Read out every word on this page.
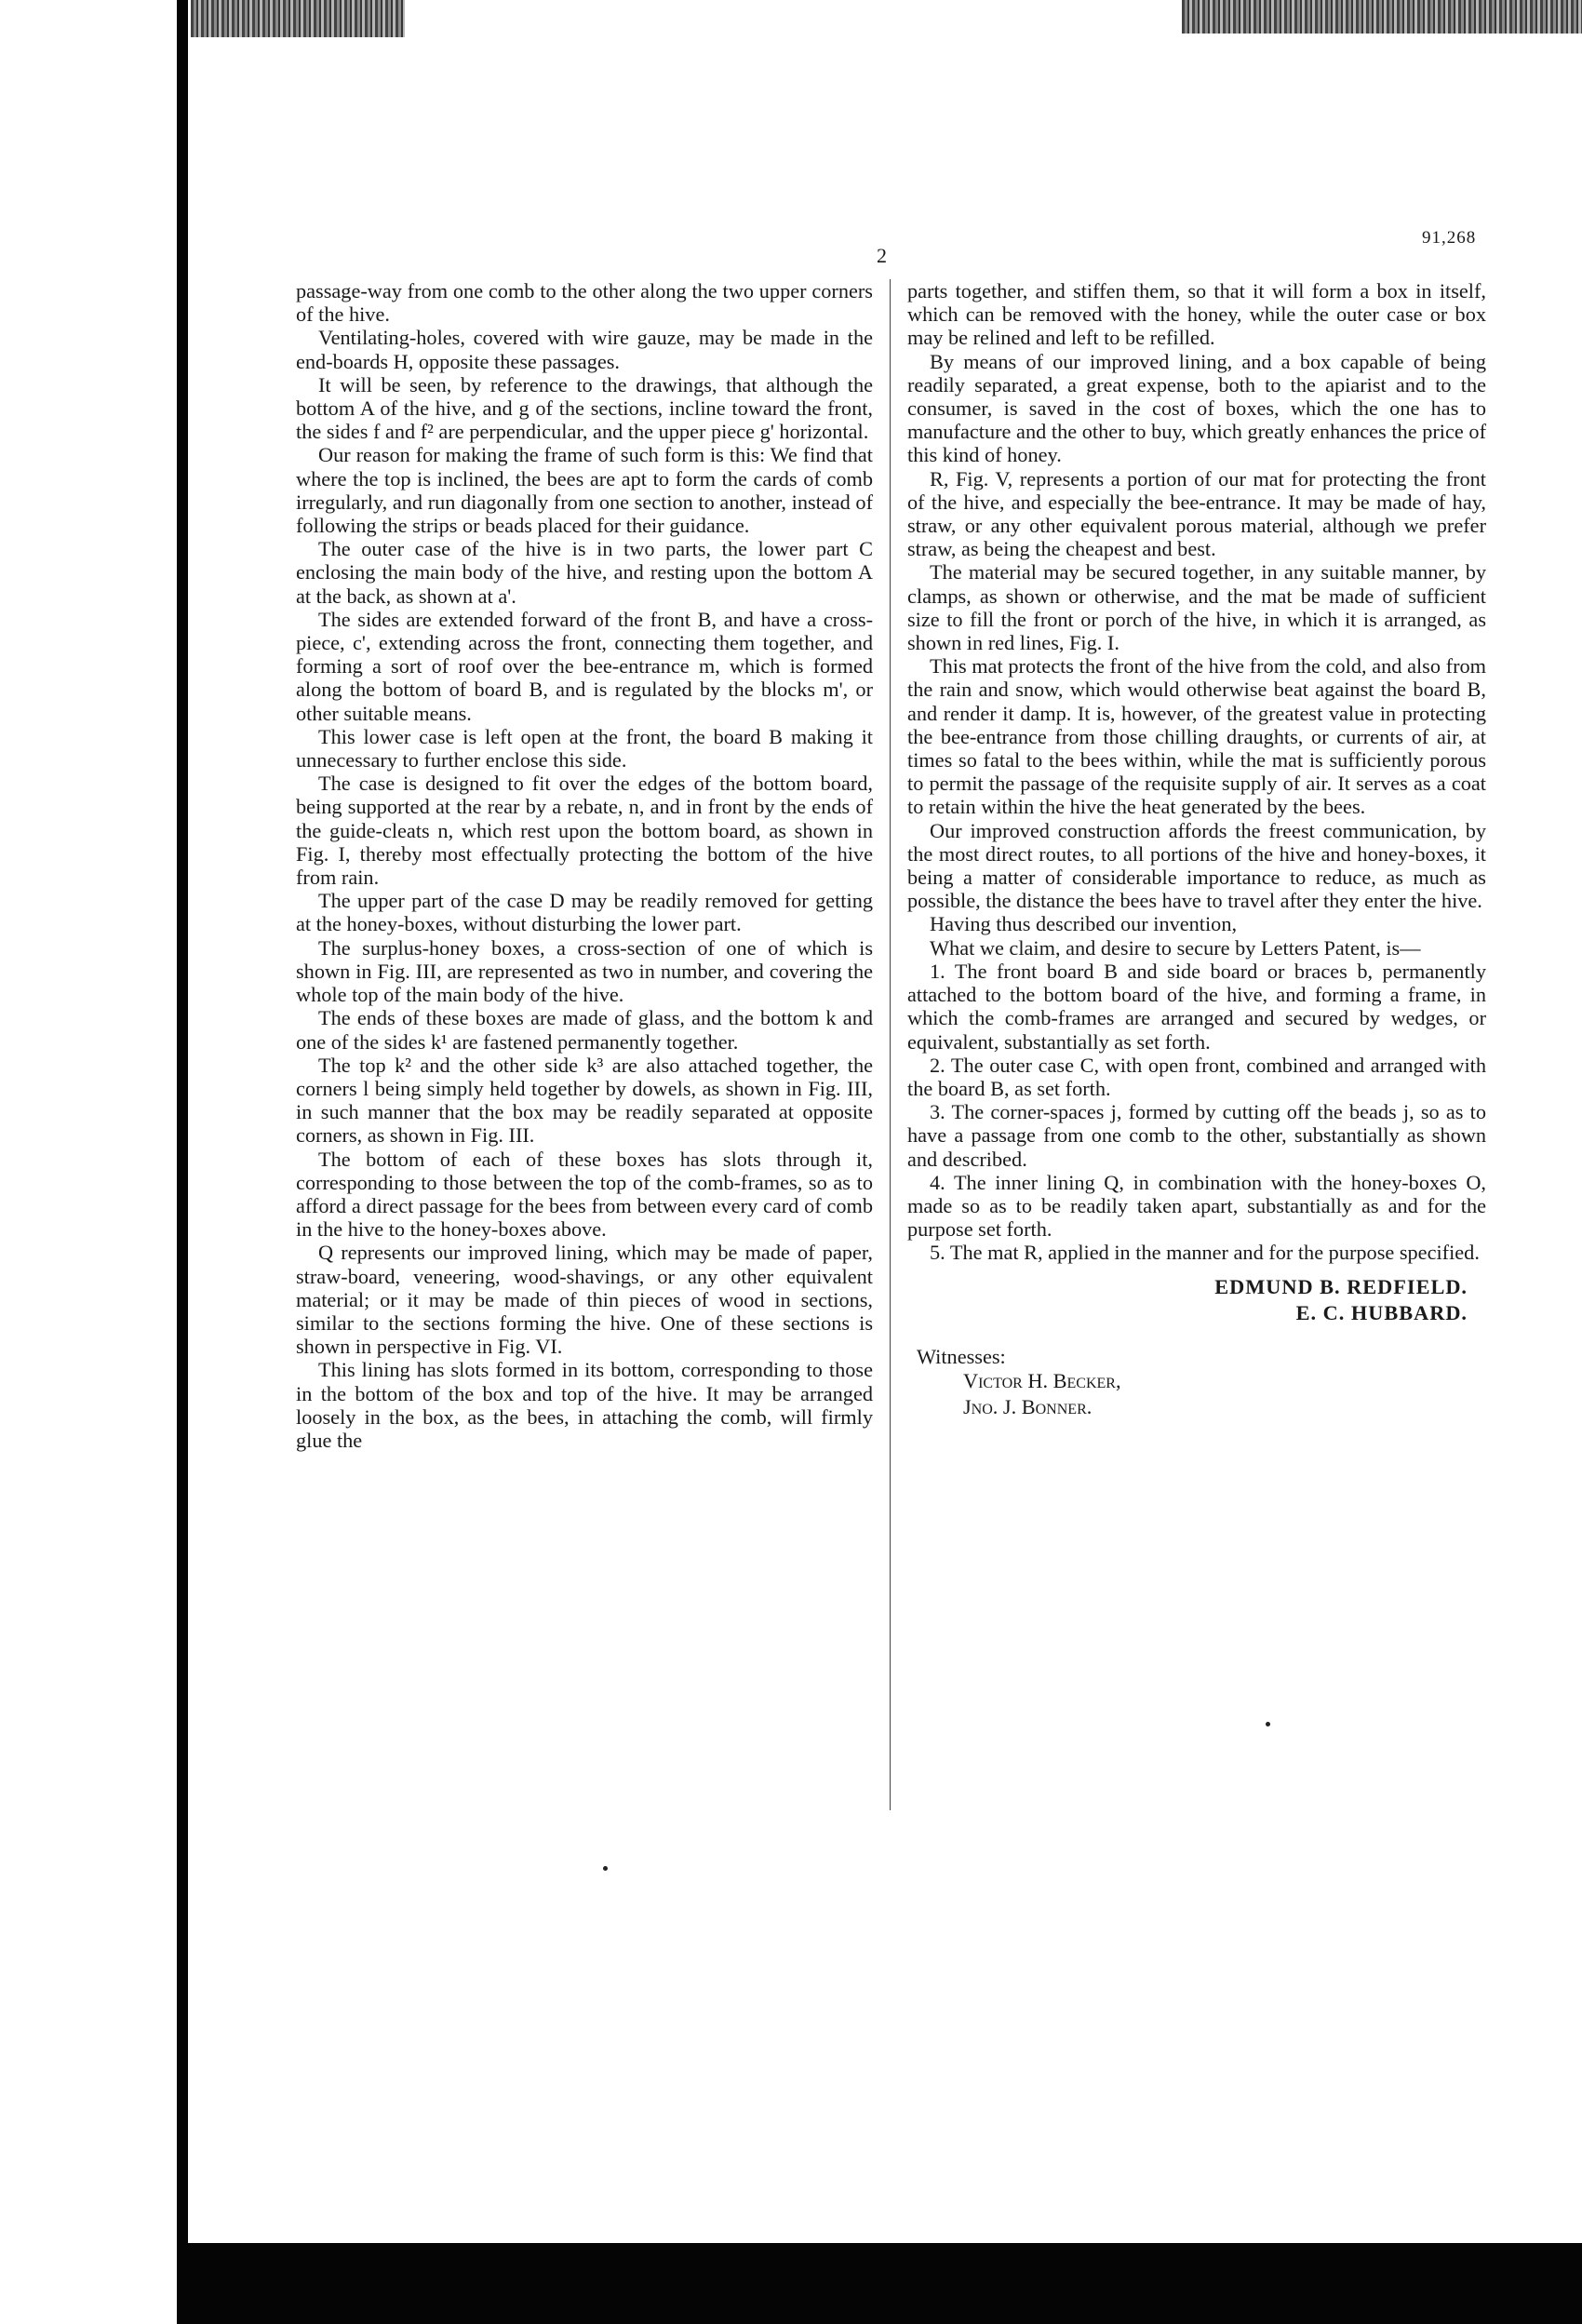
2
91,268

passage-way from one comb to the other along the two upper corners of the hive.

Ventilating-holes, covered with wire gauze, may be made in the end-boards H, opposite these passages.

It will be seen, by reference to the drawings, that although the bottom A of the hive, and g of the sections, incline toward the front, the sides f and f² are perpendicular, and the upper piece g' horizontal.

Our reason for making the frame of such form is this: We find that where the top is inclined, the bees are apt to form the cards of comb irregularly, and run diagonally from one section to another, instead of following the strips or beads placed for their guidance.

The outer case of the hive is in two parts, the lower part C enclosing the main body of the hive, and resting upon the bottom A at the back, as shown at a'.

The sides are extended forward of the front B, and have a cross-piece, c', extending across the front, connecting them together, and forming a sort of roof over the bee-entrance m, which is formed along the bottom of board B, and is regulated by the blocks m', or other suitable means.

This lower case is left open at the front, the board B making it unnecessary to further enclose this side.

The case is designed to fit over the edges of the bottom board, being supported at the rear by a rebate, n, and in front by the ends of the guide-cleats n, which rest upon the bottom board, as shown in Fig. I, thereby most effectually protecting the bottom of the hive from rain.

The upper part of the case D may be readily removed for getting at the honey-boxes, without disturbing the lower part.

The surplus-honey boxes, a cross-section of one of which is shown in Fig. III, are represented as two in number, and covering the whole top of the main body of the hive.

The ends of these boxes are made of glass, and the bottom k and one of the sides k¹ are fastened permanently together.

The top k² and the other side k³ are also attached together, the corners l being simply held together by dowels, as shown in Fig. III, in such manner that the box may be readily separated at opposite corners, as shown in Fig. III.

The bottom of each of these boxes has slots through it, corresponding to those between the top of the comb-frames, so as to afford a direct passage for the bees from between every card of comb in the hive to the honey-boxes above.

Q represents our improved lining, which may be made of paper, straw-board, veneering, wood-shavings, or any other equivalent material; or it may be made of thin pieces of wood in sections, similar to the sections forming the hive. One of these sections is shown in perspective in Fig. VI.

This lining has slots formed in its bottom, corresponding to those in the bottom of the box and top of the hive. It may be arranged loosely in the box, as the bees, in attaching the comb, will firmly glue the

parts together, and stiffen them, so that it will form a box in itself, which can be removed with the honey, while the outer case or box may be relined and left to be refilled.

By means of our improved lining, and a box capable of being readily separated, a great expense, both to the apiarist and to the consumer, is saved in the cost of boxes, which the one has to manufacture and the other to buy, which greatly enhances the price of this kind of honey.

R, Fig. V, represents a portion of our mat for protecting the front of the hive, and especially the bee-entrance. It may be made of hay, straw, or any other equivalent porous material, although we prefer straw, as being the cheapest and best.

The material may be secured together, in any suitable manner, by clamps, as shown or otherwise, and the mat be made of sufficient size to fill the front or porch of the hive, in which it is arranged, as shown in red lines, Fig. I.

This mat protects the front of the hive from the cold, and also from the rain and snow, which would otherwise beat against the board B, and render it damp. It is, however, of the greatest value in protecting the bee-entrance from those chilling draughts, or currents of air, at times so fatal to the bees within, while the mat is sufficiently porous to permit the passage of the requisite supply of air. It serves as a coat to retain within the hive the heat generated by the bees.

Our improved construction affords the freest communication, by the most direct routes, to all portions of the hive and honey-boxes, it being a matter of considerable importance to reduce, as much as possible, the distance the bees have to travel after they enter the hive.

Having thus described our invention,

What we claim, and desire to secure by Letters Patent, is—

1. The front board B and side board or braces b, permanently attached to the bottom board of the hive, and forming a frame, in which the comb-frames are arranged and secured by wedges, or equivalent, substantially as set forth.

2. The outer case C, with open front, combined and arranged with the board B, as set forth.

3. The corner-spaces j, formed by cutting off the beads j, so as to have a passage from one comb to the other, substantially as shown and described.

4. The inner lining Q, in combination with the honey-boxes O, made so as to be readily taken apart, substantially as and for the purpose set forth.

5. The mat R, applied in the manner and for the purpose specified.

EDMUND B. REDFIELD.
E. C. HUBBARD.
Witnesses:
Victor H. Becker,
Jno. J. Bonner.
